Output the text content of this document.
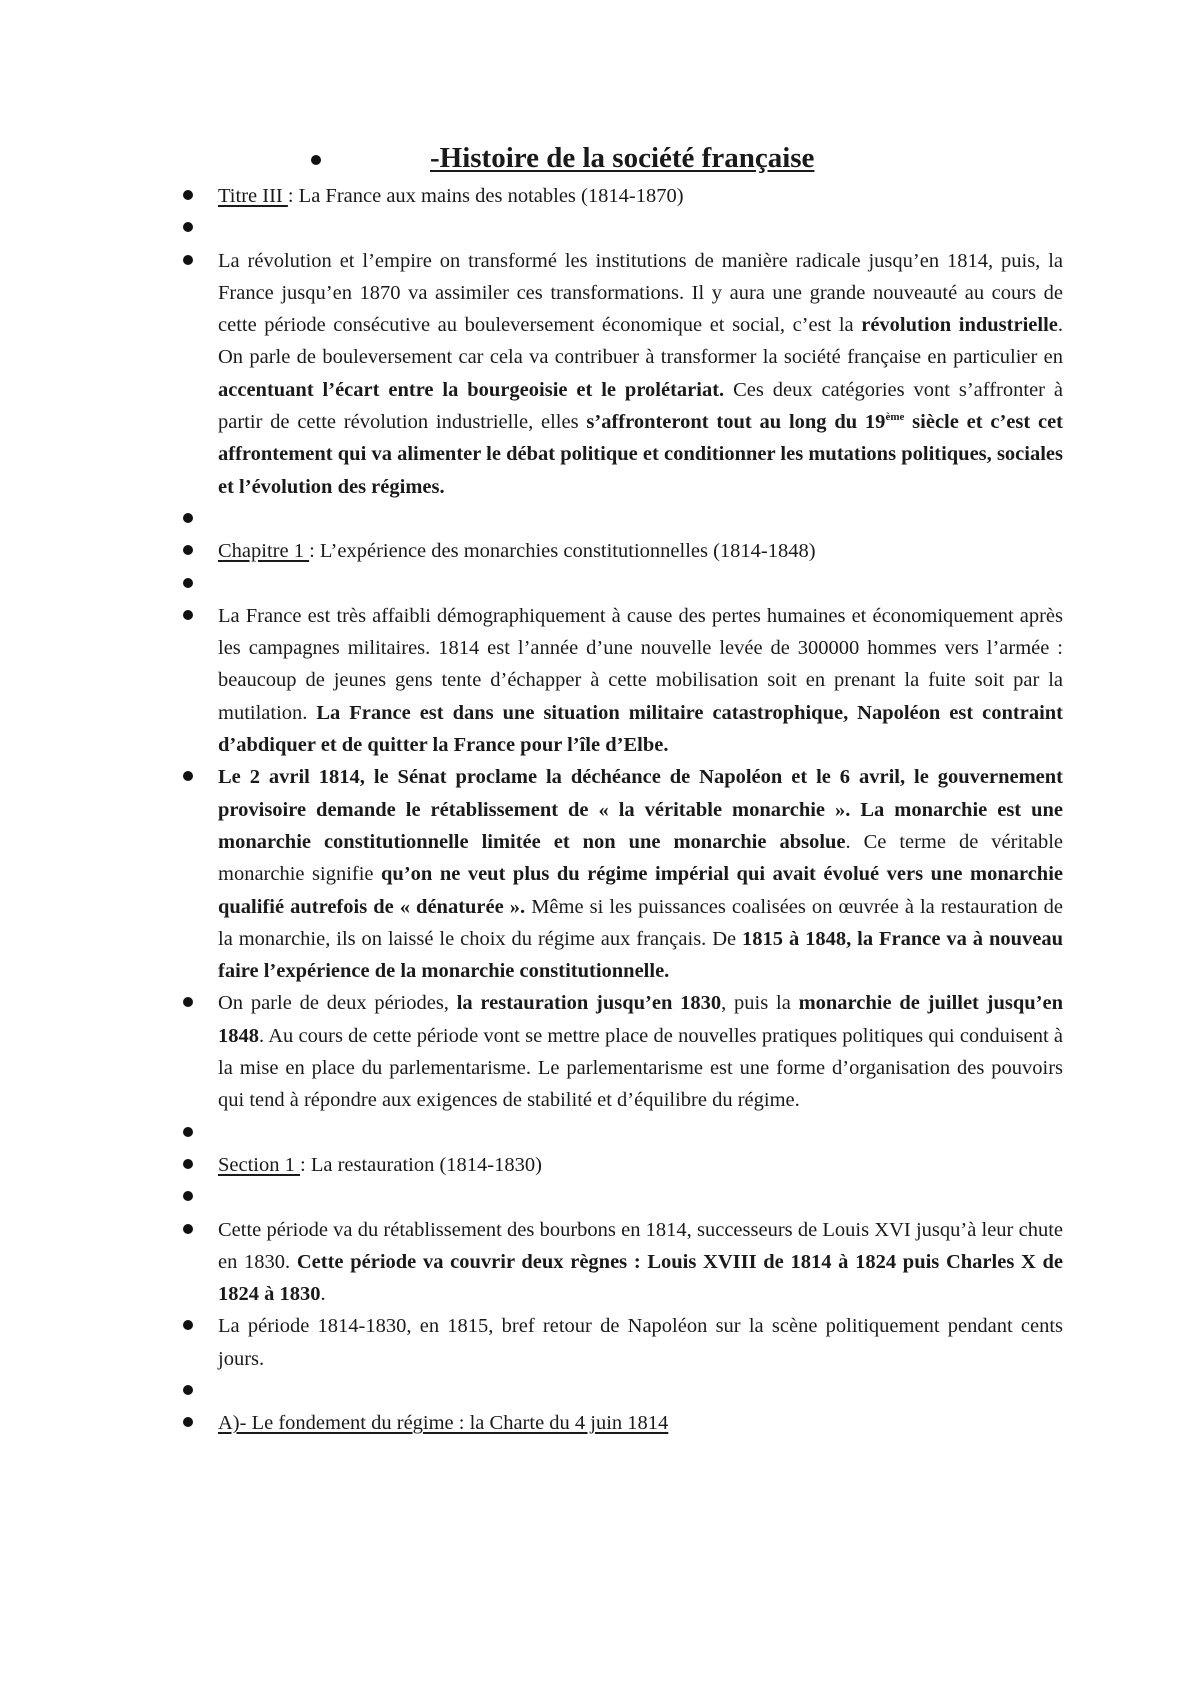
-Histoire de la société française
Titre III : La France aux mains des notables (1814-1870)
La révolution et l’empire on transformé les institutions de manière radicale jusqu’en 1814, puis, la France jusqu’en 1870 va assimiler ces transformations. Il y aura une grande nouveauté au cours de cette période consécutive au bouleversement économique et social, c’est la révolution industrielle. On parle de bouleversement car cela va contribuer à transformer la société française en particulier en accentuant l’écart entre la bourgeoisie et le prolétariat. Ces deux catégories vont s’affronter à partir de cette révolution industrielle, elles s’affronteront tout au long du 19ème siècle et c’est cet affrontement qui va alimenter le débat politique et conditionner les mutations politiques, sociales et l’évolution des régimes.
Chapitre 1 : L’expérience des monarchies constitutionnelles (1814-1848)
La France est très affaibli démographiquement à cause des pertes humaines et économiquement après les campagnes militaires. 1814 est l’année d’une nouvelle levée de 300000 hommes vers l’armée : beaucoup de jeunes gens tente d’échapper à cette mobilisation soit en prenant la fuite soit par la mutilation. La France est dans une situation militaire catastrophique, Napoléon est contraint d’abdiquer et de quitter la France pour l’île d’Elbe.
Le 2 avril 1814, le Sénat proclame la déchéance de Napoléon et le 6 avril, le gouvernement provisoire demande le rétablissement de « la véritable monarchie ». La monarchie est une monarchie constitutionnelle limitée et non une monarchie absolue. Ce terme de véritable monarchie signifie qu’on ne veut plus du régime impérial qui avait évolué vers une monarchie qualifié autrefois de « dénaturée ». Même si les puissances coalisées on œuvrée à la restauration de la monarchie, ils on laissé le choix du régime aux français. De 1815 à 1848, la France va à nouveau faire l’expérience de la monarchie constitutionnelle.
On parle de deux périodes, la restauration jusqu’en 1830, puis la monarchie de juillet jusqu’en 1848. Au cours de cette période vont se mettre place de nouvelles pratiques politiques qui conduisent à la mise en place du parlementarisme. Le parlementarisme est une forme d’organisation des pouvoirs qui tend à répondre aux exigences de stabilité et d’équilibre du régime.
Section 1 : La restauration (1814-1830)
Cette période va du rétablissement des bourbons en 1814, successeurs de Louis XVI jusqu’à leur chute en 1830. Cette période va couvrir deux règnes : Louis XVIII de 1814 à 1824 puis Charles X de 1824 à 1830.
La période 1814-1830, en 1815, bref retour de Napoléon sur la scène politiquement pendant cents jours.
A)- Le fondement du régime : la Charte du 4 juin 1814
